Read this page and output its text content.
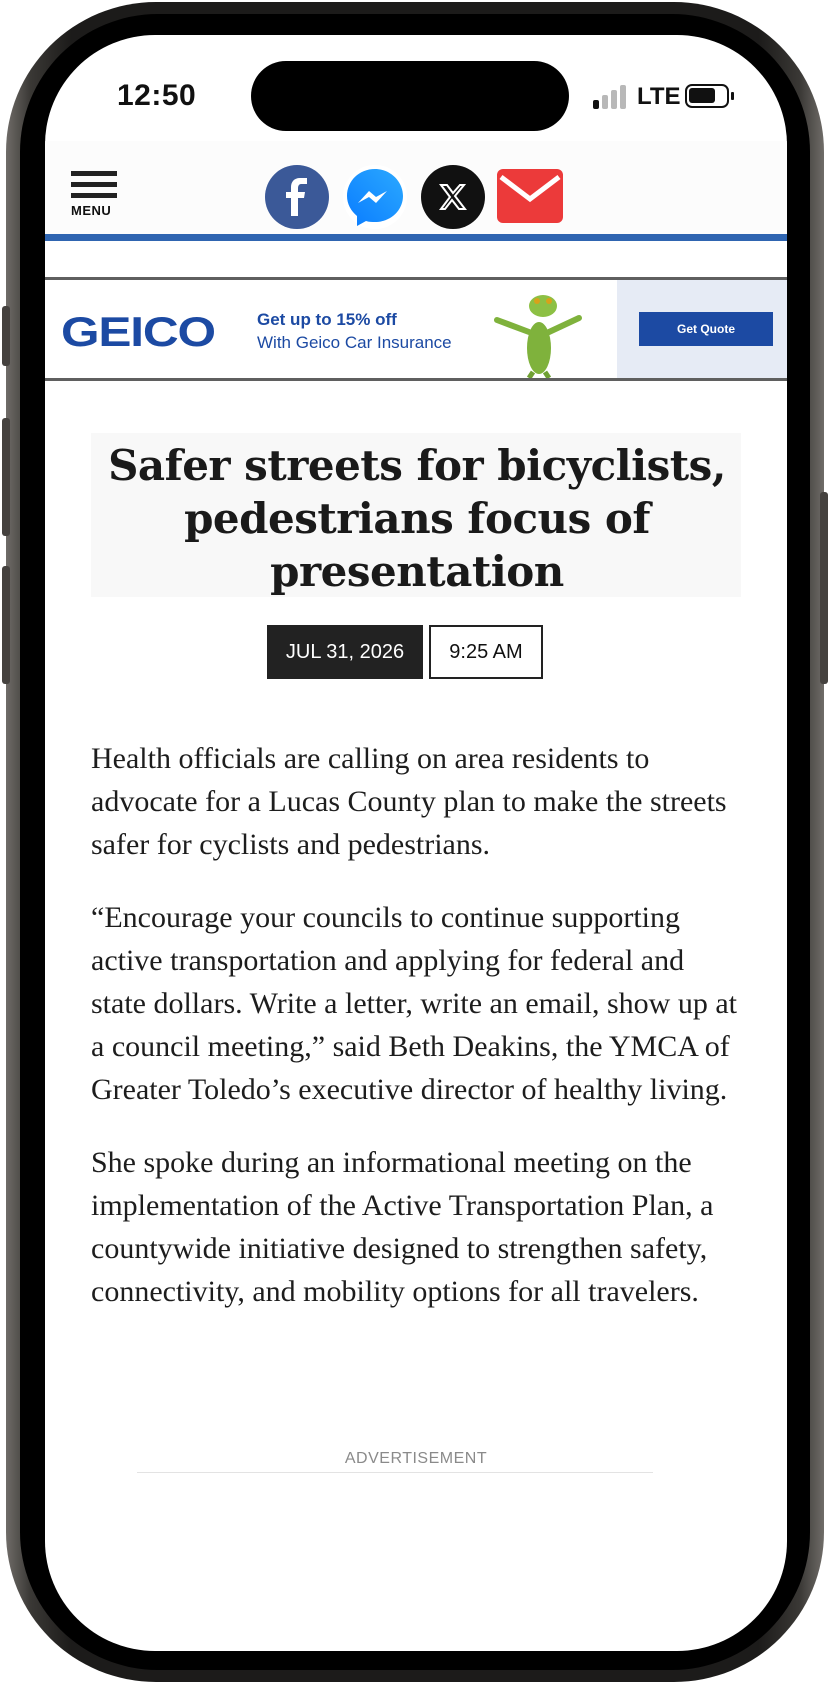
12:50	LTE
MENU
GEICO Get up to 15% off
With Geico Car Insurance
Get Quote
Safer streets for bicyclists, pedestrians focus of presentation
JUL 31, 2026	9:25 AM

Health officials are calling on area residents to advocate for a Lucas County plan to make the streets safer for cyclists and pedestrians.

“Encourage your councils to continue supporting active transportation and applying for federal and state dollars. Write a letter, write an email, show up at a council meeting,” said Beth Deakins, the YMCA of Greater Toledo’s executive director of healthy living.

She spoke during an informational meeting on the implementation of the Active Transportation Plan, a countywide initiative designed to strengthen safety, connectivity, and mobility options for all travelers.

ADVERTISEMENT
